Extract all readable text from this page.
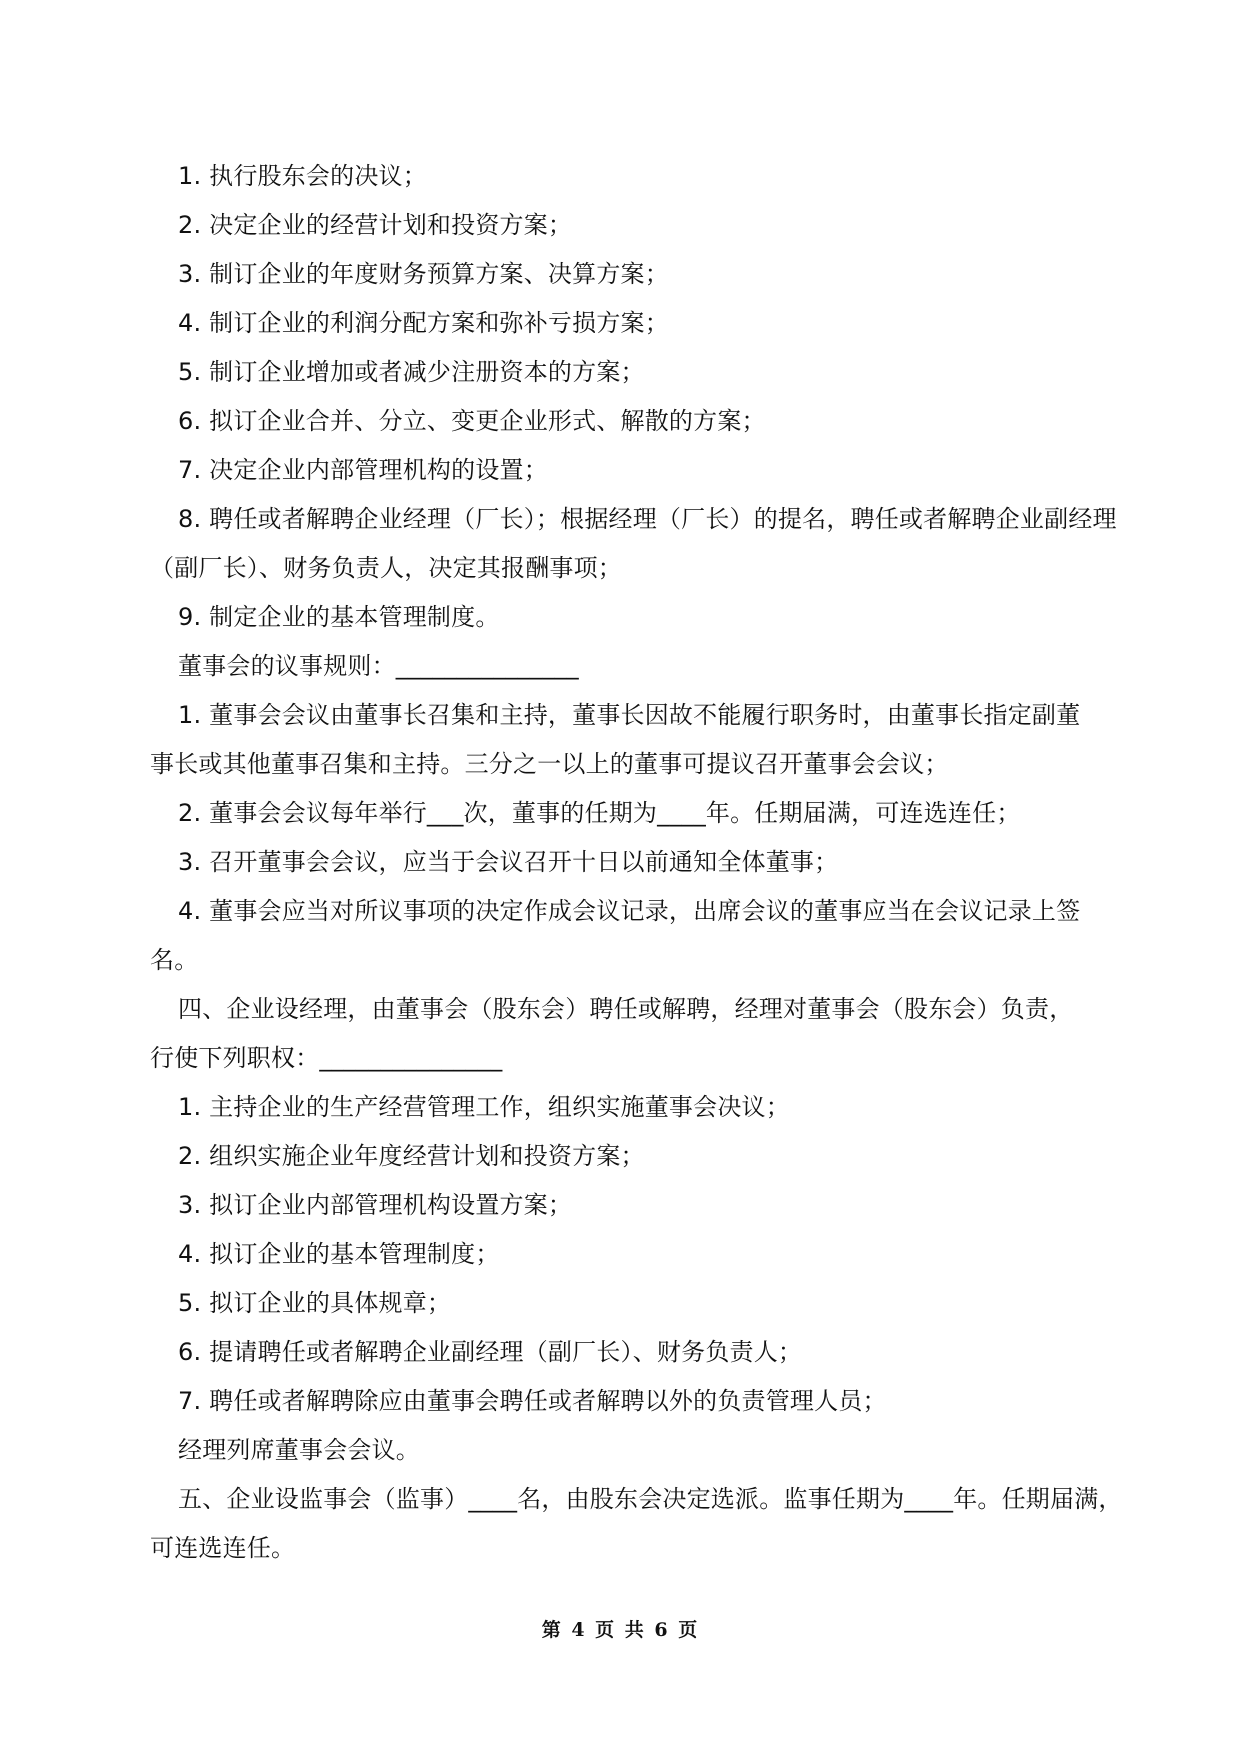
1. 执行股东会的决议；
2. 决定企业的经营计划和投资方案；
3. 制订企业的年度财务预算方案、决算方案；
4. 制订企业的利润分配方案和弥补亏损方案；
5. 制订企业增加或者减少注册资本的方案；
6. 拟订企业合并、分立、变更企业形式、解散的方案；
7. 决定企业内部管理机构的设置；
8. 聘任或者解聘企业经理（厂长）；根据经理（厂长）的提名，聘任或者解聘企业副经理
（副厂长）、财务负责人，决定其报酬事项；
9. 制定企业的基本管理制度。
董事会的议事规则：_______________
1. 董事会会议由董事长召集和主持，董事长因故不能履行职务时，由董事长指定副董
事长或其他董事召集和主持。三分之一以上的董事可提议召开董事会会议；
2. 董事会会议每年举行___次，董事的任期为____年。任期届满，可连选连任；
3. 召开董事会会议，应当于会议召开十日以前通知全体董事；
4. 董事会应当对所议事项的决定作成会议记录，出席会议的董事应当在会议记录上签
名。
四、企业设经理，由董事会（股东会）聘任或解聘，经理对董事会（股东会）负责，
行使下列职权：_______________
1. 主持企业的生产经营管理工作，组织实施董事会决议；
2. 组织实施企业年度经营计划和投资方案；
3. 拟订企业内部管理机构设置方案；
4. 拟订企业的基本管理制度；
5. 拟订企业的具体规章；
6. 提请聘任或者解聘企业副经理（副厂长）、财务负责人；
7. 聘任或者解聘除应由董事会聘任或者解聘以外的负责管理人员；
经理列席董事会会议。
五、企业设监事会（监事）____名，由股东会决定选派。监事任期为____年。任期届满，
可连选连任。
第 4 页 共 6 页
